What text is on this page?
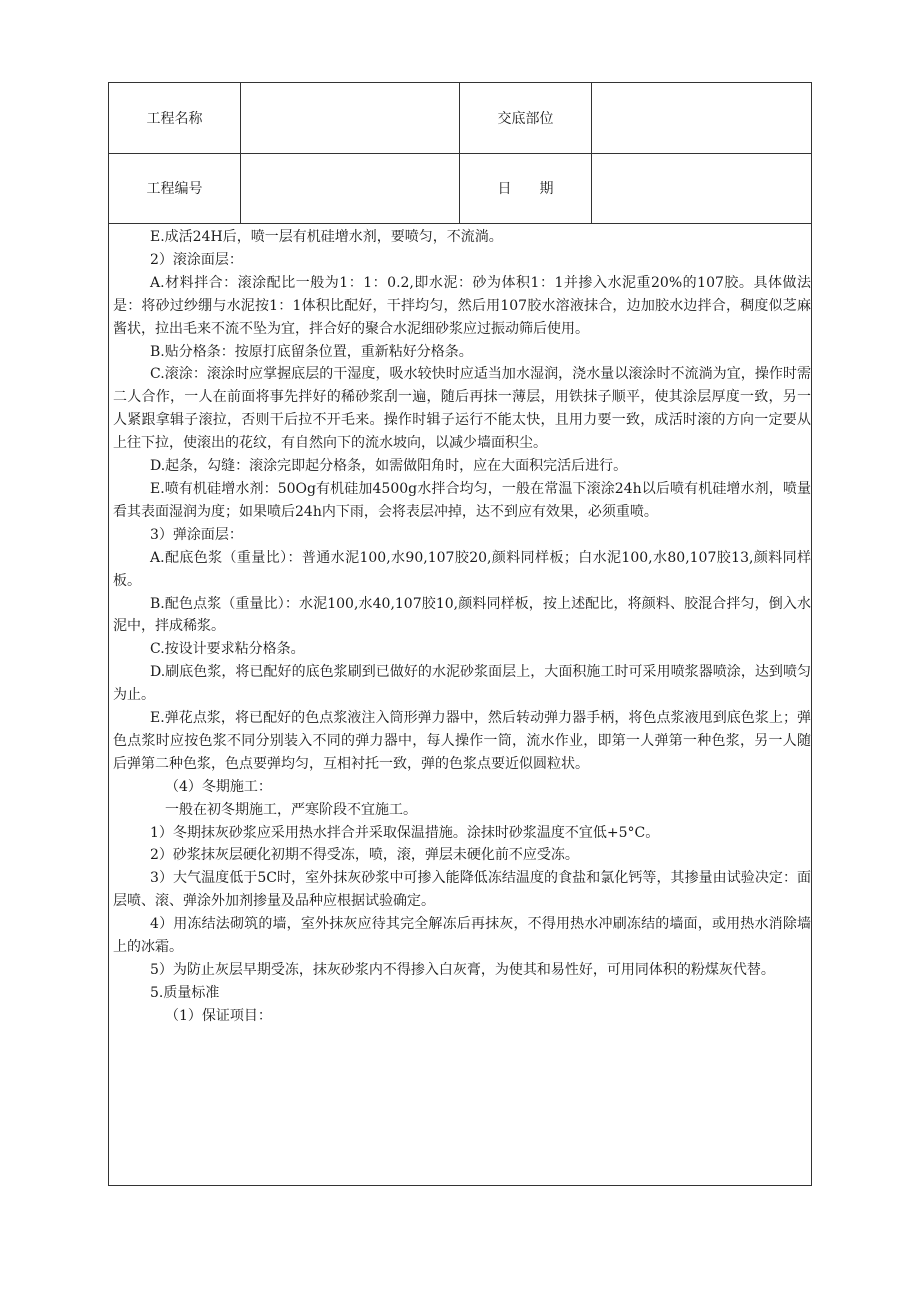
工程名称	交底部位
工程编号	日期

E.成活24H后，喷一层有机硅增水剂，要喷匀，不流淌。

2）滚涂面层：

A.材料拌合：滚涂配比一般为1：1：0.2,即水泥：砂为体积1：1并掺入水泥重20%的107胶。具体做法是：将砂过纱绷与水泥按1：1体积比配好，干拌均匀，然后用107胶水溶液抹合，边加胶水边拌合，稠度似芝麻酱状，拉出毛来不流不坠为宜，拌合好的聚合水泥细砂浆应过振动筛后使用。

B.贴分格条：按原打底留条位置，重新粘好分格条。

C.滚涂：滚涂时应掌握底层的干湿度，吸水较快时应适当加水湿润，浇水量以滚涂时不流淌为宜，操作时需二人合作，一人在前面将事先拌好的稀砂浆刮一遍，随后再抹一薄层，用铁抹子顺平，使其涂层厚度一致，另一人紧跟拿辑子滚拉，否则干后拉不开毛来。操作时辑子运行不能太快，且用力要一致，成活时滚的方向一定要从上往下拉，使滚出的花纹，有自然向下的流水坡向，以减少墙面积尘。

D.起条，勾缝：滚涂完即起分格条，如需做阳角时，应在大面积完活后进行。

E.喷有机硅增水剂：50Og有机硅加4500g水拌合均匀，一般在常温下滚涂24h以后喷有机硅增水剂，喷量看其表面湿润为度；如果喷后24h内下雨，会将表层冲掉，达不到应有效果，必须重喷。

3）弹涂面层：

A.配底色浆（重量比）：普通水泥100,水90,107胶20,颜料同样板；白水泥100,水80,107胶13,颜料同样板。

B.配色点浆（重量比）：水泥100,水40,107胶10,颜料同样板，按上述配比，将颜料、胶混合拌匀，倒入水泥中，拌成稀浆。

C.按设计要求粘分格条。

D.刷底色浆，将已配好的底色浆刷到已做好的水泥砂浆面层上，大面积施工时可采用喷浆器喷涂，达到喷匀为止。

E.弹花点浆，将已配好的色点浆液注入筒形弹力器中，然后转动弹力器手柄，将色点浆液甩到底色浆上；弹色点浆时应按色浆不同分别装入不同的弹力器中，每人操作一筒，流水作业，即第一人弹第一种色浆，另一人随后弹第二种色浆，色点要弹均匀，互相衬托一致，弹的色浆点要近似圆粒状。

（4）冬期施工：

一般在初冬期施工，严寒阶段不宜施工。

1）冬期抹灰砂浆应采用热水拌合并采取保温措施。涂抹时砂浆温度不宜低+5°C。

2）砂浆抹灰层硬化初期不得受冻，喷，滚，弹层未硬化前不应受冻。

3）大气温度低于5C时，室外抹灰砂浆中可掺入能降低冻结温度的食盐和氯化钙等，其掺量由试验决定：面层喷、滚、弹涂外加剂掺量及品种应根据试验确定。

4）用冻结法砌筑的墙，室外抹灰应待其完全解冻后再抹灰，不得用热水冲刷冻结的墙面，或用热水消除墙上的冰霜。

5）为防止灰层早期受冻，抹灰砂浆内不得掺入白灰膏，为使其和易性好，可用同体积的粉煤灰代替。

5.质量标准

（1）保证项目：
